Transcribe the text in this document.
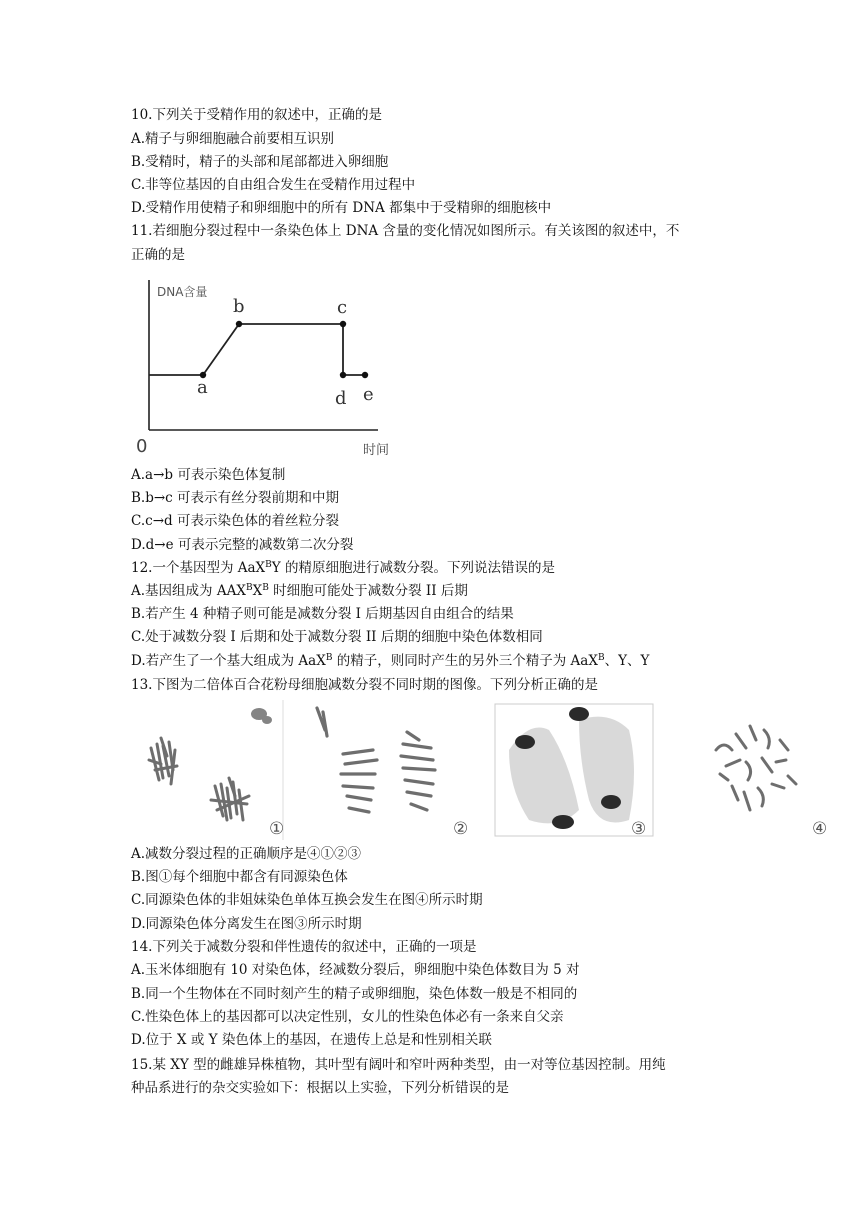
10.下列关于受精作用的叙述中，正确的是
A.精子与卵细胞融合前要相互识别
B.受精时，精子的头部和尾部都进入卵细胞
C.非等位基因的自由组合发生在受精作用过程中
D.受精作用使精子和卵细胞中的所有 DNA 都集中于受精卵的细胞核中
11.若细胞分裂过程中一条染色体上 DNA 含量的变化情况如图所示。有关该图的叙述中，不
正确的是
DNA含量
时间
0
a
b	c
d e
A.a→b 可表示染色体复制
B.b→c 可表示有丝分裂前期和中期
C.c→d 可表示染色体的着丝粒分裂
D.d→e 可表示完整的减数第二次分裂
12.一个基因型为 AaX$^B$Y 的精原细胞进行减数分裂。下列说法错误的是
A.基因组成为 $AAX^BX^B$ 时细胞可能处于减数分裂 II 后期
B.若产生 4 种精子则可能是减数分裂 Ⅰ 后期基因自由组合的结果
C.处于减数分裂 Ⅰ 后期和处于减数分裂 II 后期的细胞中染色体数相同
D.若产生了一个基大组成为 AaX$^B$ 的精子，则同时产生的另外三个精子为 AaX$^B$、Y、Y
13.下图为二倍体百合花粉母细胞减数分裂不同时期的图像。下列分析正确的是
①	②	③	④
A.减数分裂过程的正确顺序是④①②③
B.图①每个细胞中都含有同源染色体
C.同源染色体的非姐妹染色单体互换会发生在图④所示时期
D.同源染色体分离发生在图③所示时期
14.下列关于减数分裂和伴性遗传的叙述中，正确的一项是
A.玉米体细胞有 10 对染色体，经减数分裂后，卵细胞中染色体数目为 5 对
B.同一个生物体在不同时刻产生的精子或卵细胞，染色体数一般是不相同的
C.性染色体上的基因都可以决定性别，女儿的性染色体必有一条来自父亲
D.位于 X 或 Y 染色体上的基因，在遗传上总是和性别相关联
15.某 XY 型的雌雄异株植物，其叶型有阔叶和窄叶两种类型，由一对等位基因控制。用纯
种品系进行的杂交实验如下：根据以上实验，下列分析错误的是
